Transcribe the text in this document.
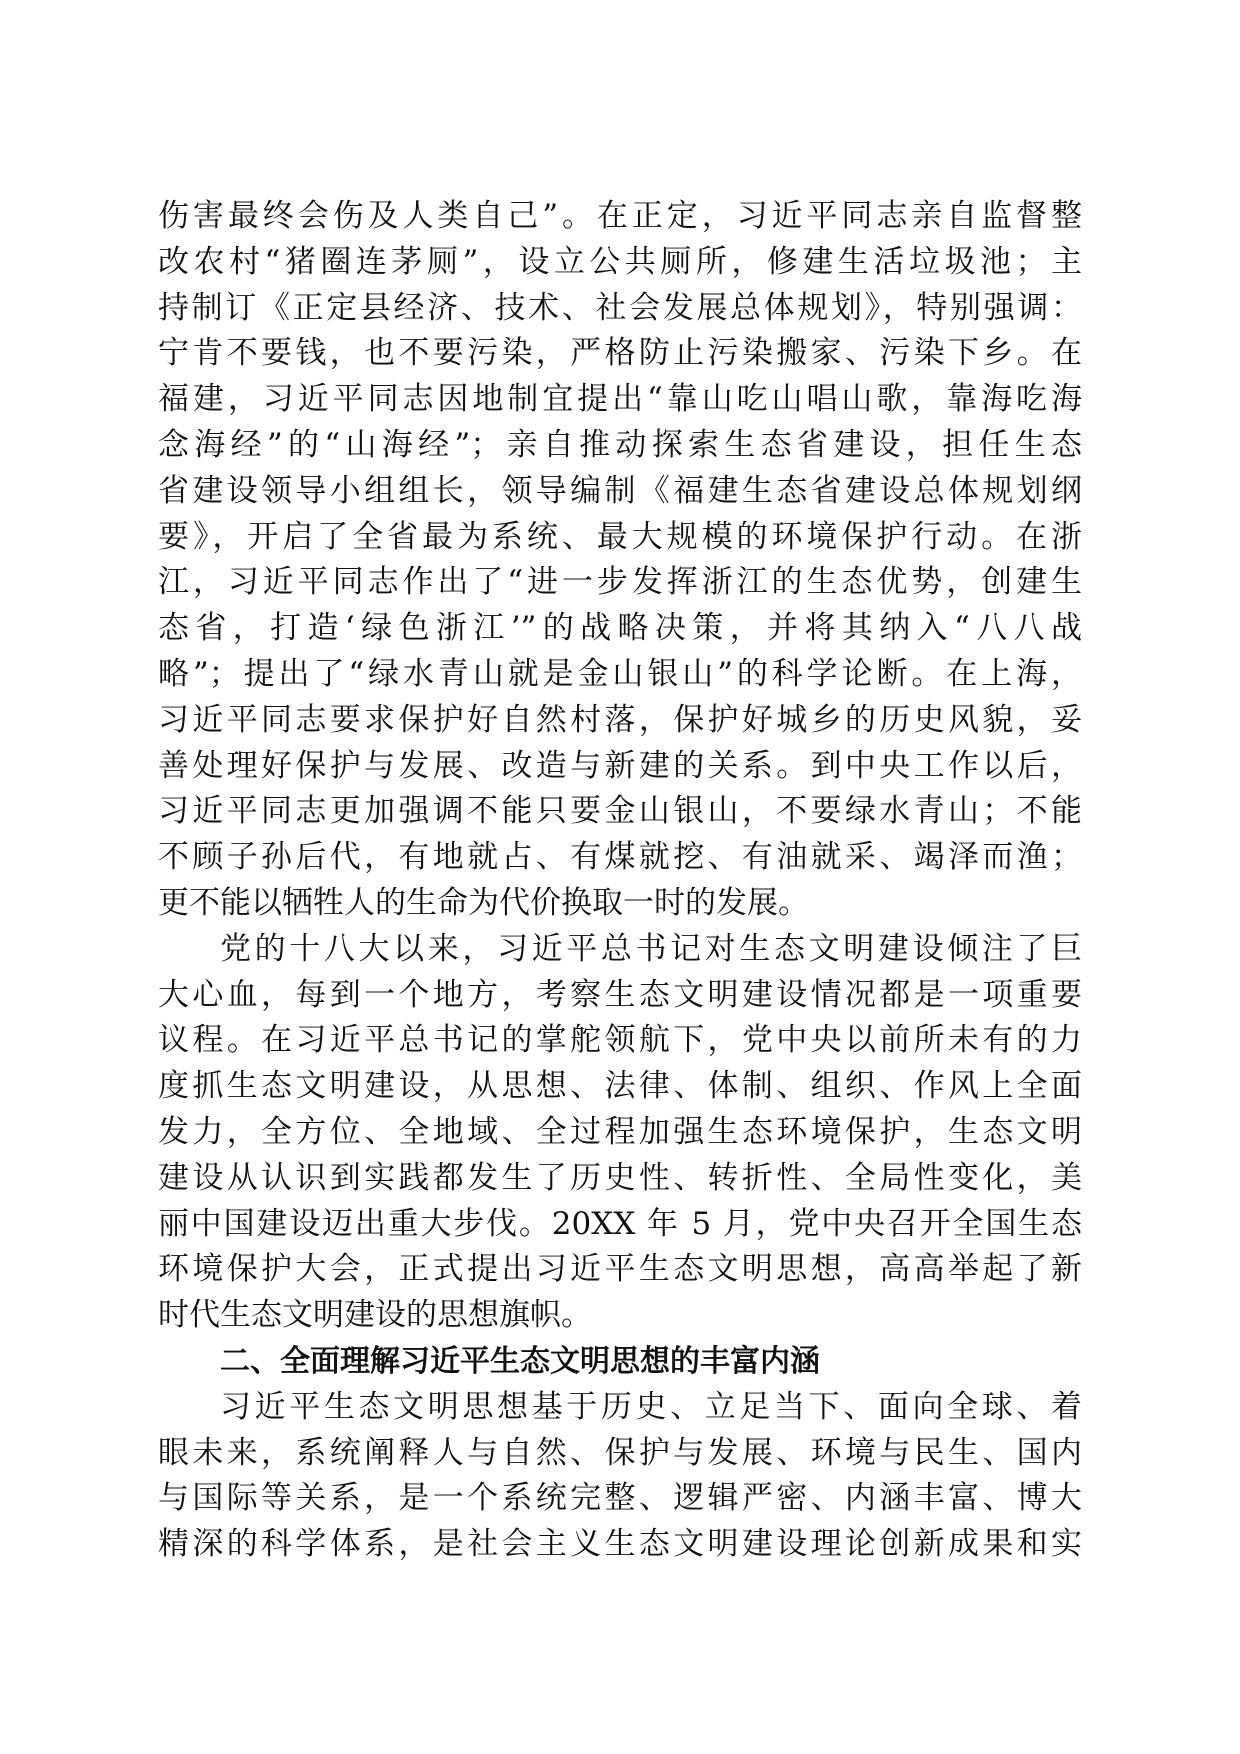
伤害最终会伤及人类自己”。在正定，习近平同志亲自监督整
改农村“猪圈连茅厕”，设立公共厕所，修建生活垃圾池；主
持制订《正定县经济、技术、社会发展总体规划》，特别强调：
宁肯不要钱，也不要污染，严格防止污染搬家、污染下乡。在
福建，习近平同志因地制宜提出“靠山吃山唱山歌，靠海吃海
念海经”的“山海经”；亲自推动探索生态省建设，担任生态
省建设领导小组组长，领导编制《福建生态省建设总体规划纲
要》，开启了全省最为系统、最大规模的环境保护行动。在浙
江，习近平同志作出了“进一步发挥浙江的生态优势，创建生
态省，打造‘绿色浙江’”的战略决策，并将其纳入“八八战
略”；提出了“绿水青山就是金山银山”的科学论断。在上海，
习近平同志要求保护好自然村落，保护好城乡的历史风貌，妥
善处理好保护与发展、改造与新建的关系。到中央工作以后，
习近平同志更加强调不能只要金山银山，不要绿水青山；不能
不顾子孙后代，有地就占、有煤就挖、有油就采、竭泽而渔；
更不能以牺牲人的生命为代价换取一时的发展。
党的十八大以来，习近平总书记对生态文明建设倾注了巨
大心血，每到一个地方，考察生态文明建设情况都是一项重要
议程。在习近平总书记的掌舵领航下，党中央以前所未有的力
度抓生态文明建设，从思想、法律、体制、组织、作风上全面
发力，全方位、全地域、全过程加强生态环境保护，生态文明
建设从认识到实践都发生了历史性、转折性、全局性变化，美
丽中国建设迈出重大步伐。20XX 年 5 月，党中央召开全国生态
环境保护大会，正式提出习近平生态文明思想，高高举起了新
时代生态文明建设的思想旗帜。
二、全面理解习近平生态文明思想的丰富内涵
习近平生态文明思想基于历史、立足当下、面向全球、着
眼未来，系统阐释人与自然、保护与发展、环境与民生、国内
与国际等关系，是一个系统完整、逻辑严密、内涵丰富、博大
精深的科学体系，是社会主义生态文明建设理论创新成果和实
